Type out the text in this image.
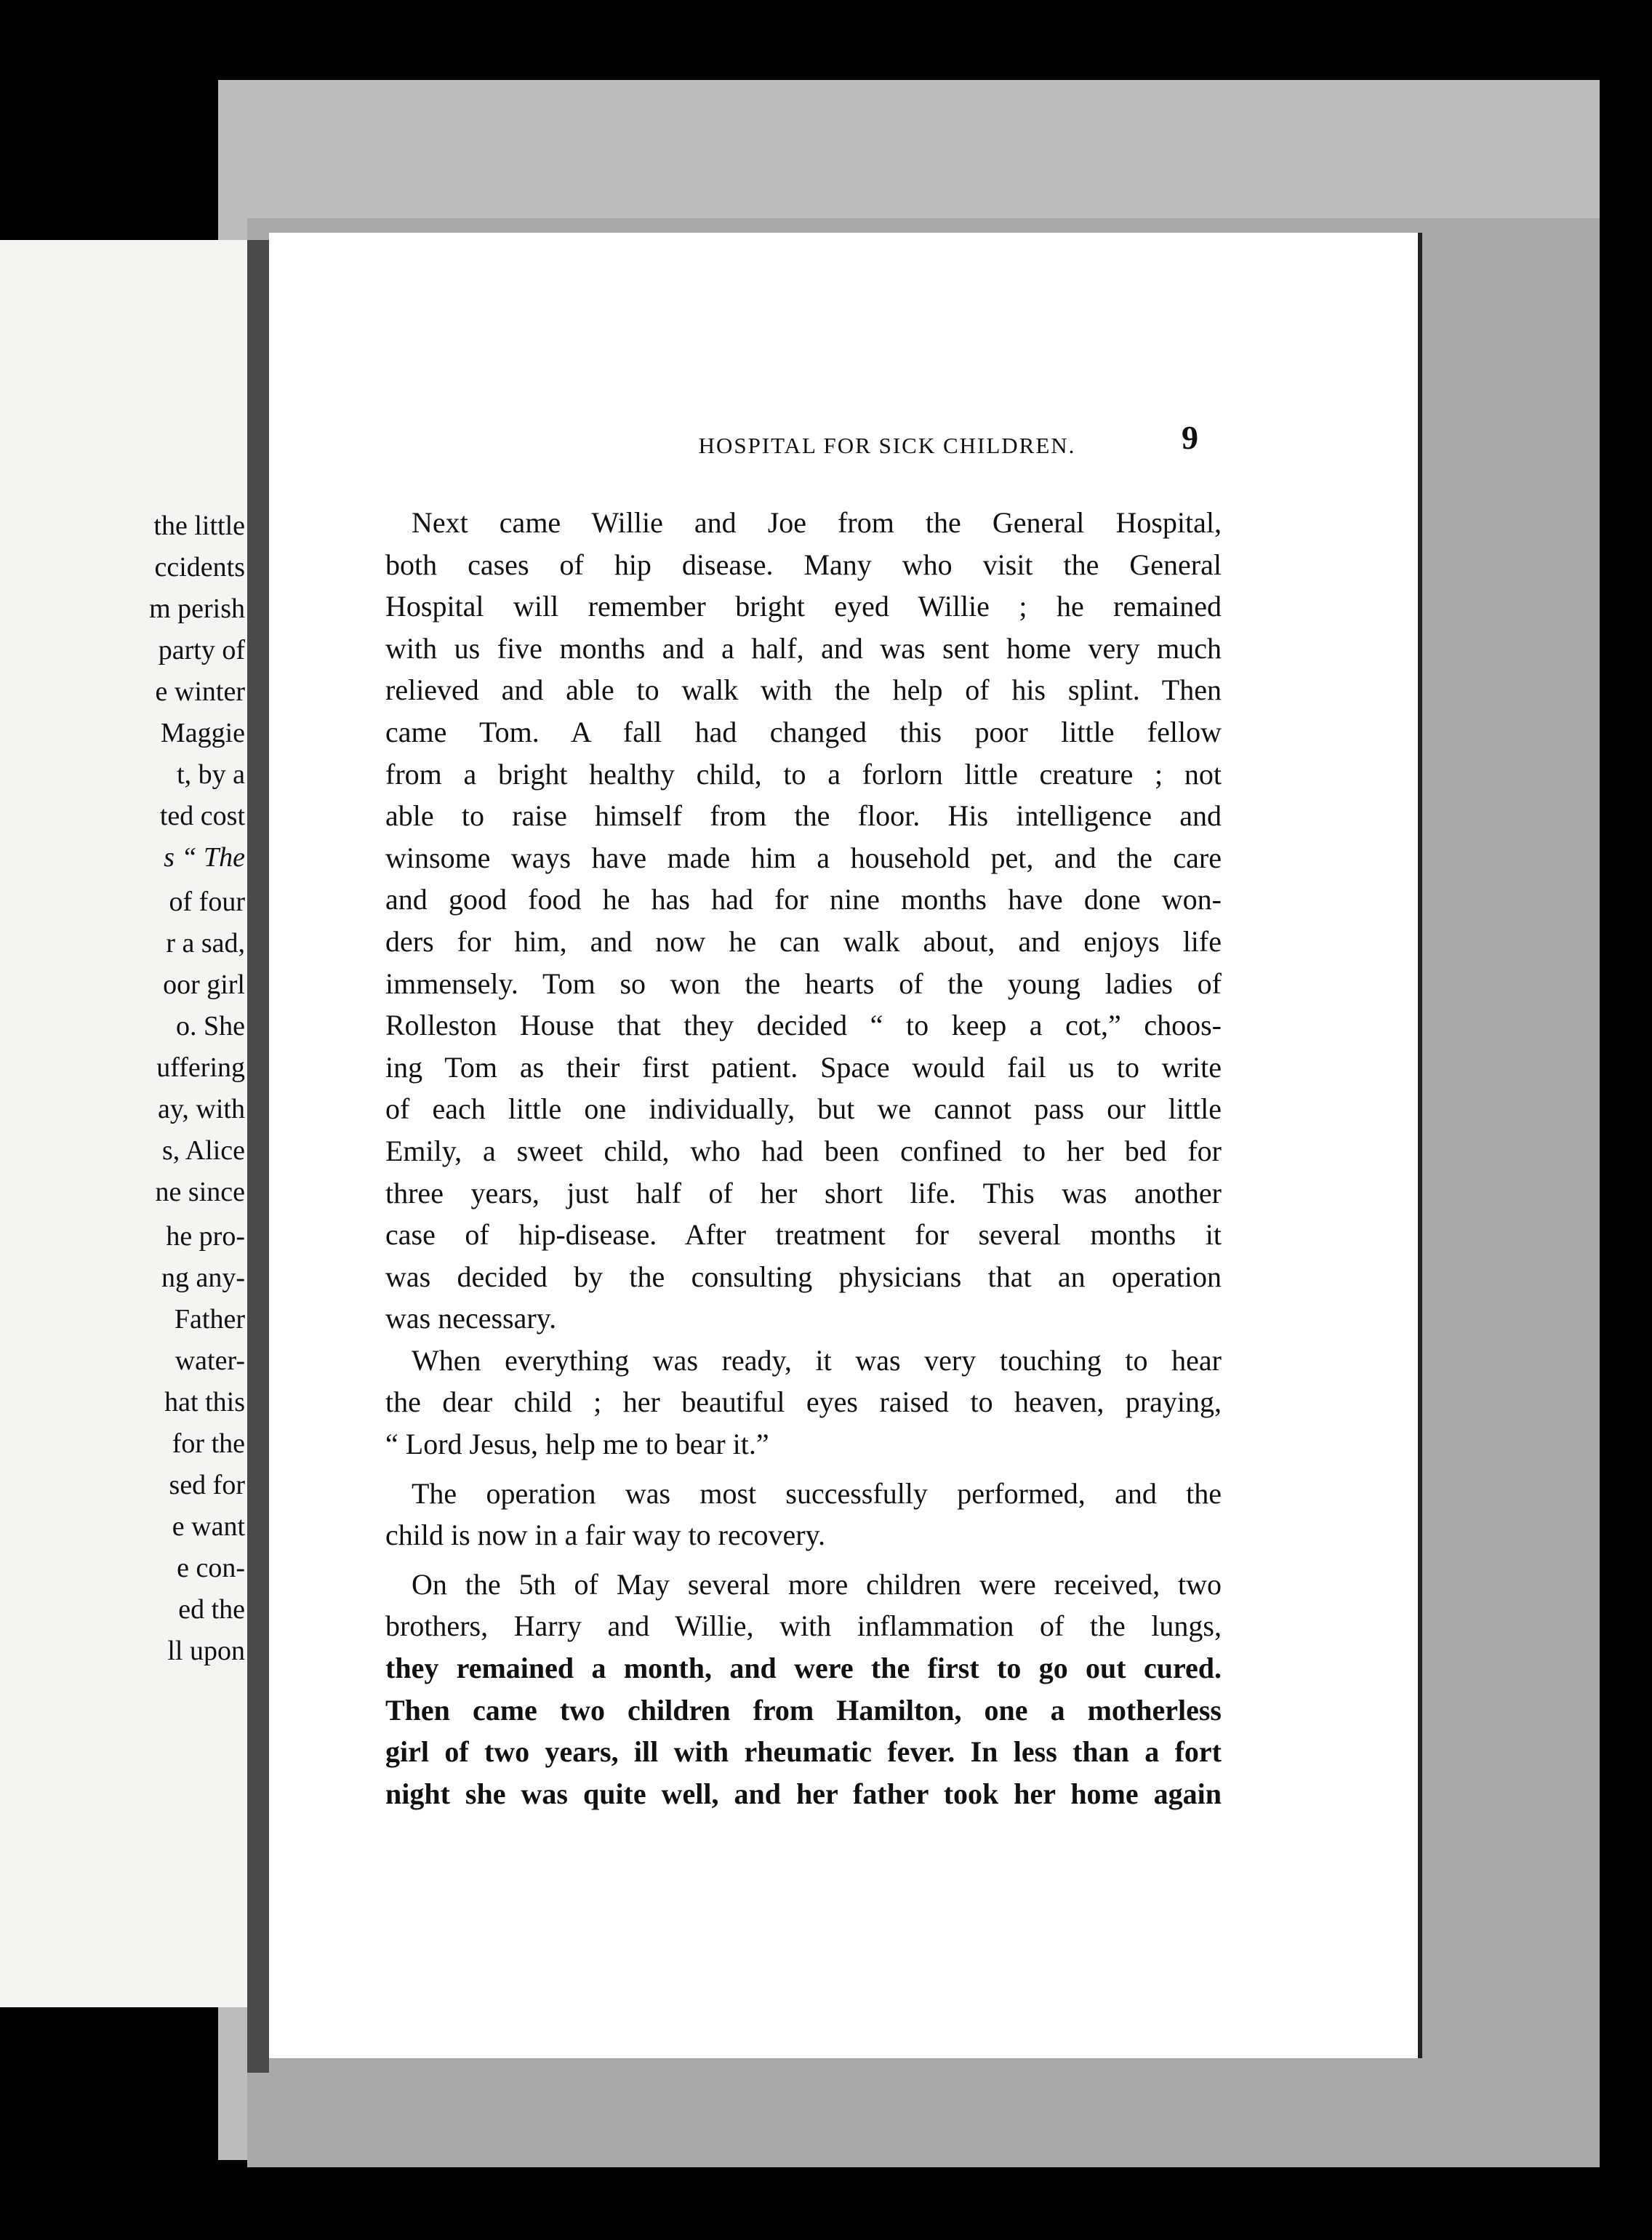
the little
ccidents
m perish
party of
e winter
Maggie
t, by a
ted cost
s “ The
of four
r a sad,
oor girl
o. She
uffering
ay, with
s, Alice
ne since
he pro-
ng any-
Father
water-
hat this
for the
sed for
e want
e con-
ed the
ll upon
HOSPITAL FOR SICK CHILDREN.	9
Next came Willie and Joe from the General Hospital,
both cases of hip disease. Many who visit the General
Hospital will remember bright eyed Willie ; he remained
with us five months and a half, and was sent home very much
relieved and able to walk with the help of his splint. Then
came Tom. A fall had changed this poor little fellow
from a bright healthy child, to a forlorn little creature ; not
able to raise himself from the floor. His intelligence and
winsome ways have made him a household pet, and the care
and good food he has had for nine months have done won-
ders for him, and now he can walk about, and enjoys life
immensely. Tom so won the hearts of the young ladies of
Rolleston House that they decided “ to keep a cot,” choos-
ing Tom as their first patient. Space would fail us to write
of each little one individually, but we cannot pass our little
Emily, a sweet child, who had been confined to her bed for
three years, just half of her short life. This was another
case of hip-disease. After treatment for several months it
was decided by the consulting physicians that an operation
was necessary.
When everything was ready, it was very touching to hear
the dear child ; her beautiful eyes raised to heaven, praying,
“ Lord Jesus, help me to bear it.”
The operation was most successfully performed, and the
child is now in a fair way to recovery.
On the 5th of May several more children were received, two
brothers, Harry and Willie, with inflammation of the lungs,
they remained a month, and were the first to go out cured.
Then came two children from Hamilton, one a motherless
girl of two years, ill with rheumatic fever. In less than a fort
night she was quite well, and her father took her home again
